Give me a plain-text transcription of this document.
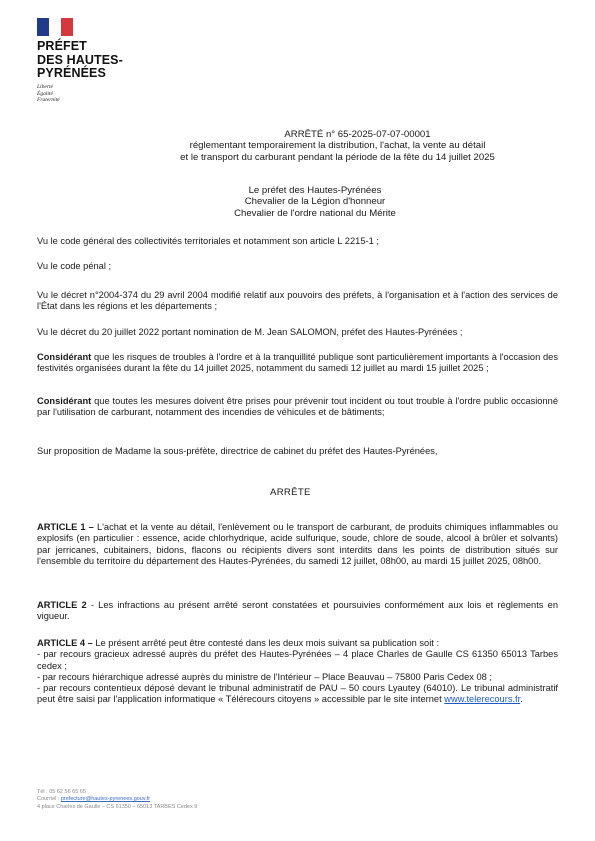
PRÉFET
DES HAUTES-
PYRÉNÉES
Liberté
Égalité
Fraternité
ARRÊTÉ n° 65-2025-07-07-00001
réglementant temporairement la distribution, l'achat, la vente au détail
et le transport du carburant pendant la période de la fête du 14 juillet 2025
Le préfet des Hautes-Pyrénées
Chevalier de la Légion d'honneur
Chevalier de l'ordre national du Mérite
Vu le code général des collectivités territoriales et notamment son article L 2215-1 ;
Vu le code pénal ;
Vu le décret n°2004-374 du 29 avril 2004 modifié relatif aux pouvoirs des préfets, à l'organisation et à l'action des services de l'État dans les régions et les départements ;
Vu le décret du 20 juillet 2022 portant nomination de M. Jean SALOMON, préfet des Hautes-Pyrénées ;
Considérant que les risques de troubles à l'ordre et à la tranquillité publique sont particulièrement importants à l'occasion des festivités organisées durant la fête du 14 juillet 2025, notamment du samedi 12 juillet au mardi 15 juillet 2025 ;
Considérant que toutes les mesures doivent être prises pour prévenir tout incident ou tout trouble à l'ordre public occasionné par l'utilisation de carburant, notamment des incendies de véhicules et de bâtiments;
Sur proposition de Madame la sous-préfète, directrice de cabinet du préfet des Hautes-Pyrénées,
ARRÊTE
ARTICLE 1 – L'achat et la vente au détail, l'enlèvement ou le transport de carburant, de produits chimiques inflammables ou explosifs (en particulier : essence, acide chlorhydrique, acide sulfurique, soude, chlore de soude, alcool à brûler et solvants) par jerricanes, cubitainers, bidons, flacons ou récipients divers sont interdits dans les points de distribution situés sur l'ensemble du territoire du département des Hautes-Pyrénées, du samedi 12 juillet, 08h00, au mardi 15 juillet 2025, 08h00.
ARTICLE 2 - Les infractions au présent arrêté seront constatées et poursuivies conformément aux lois et règlements en vigueur.
ARTICLE 4 – Le présent arrêté peut être contesté dans les deux mois suivant sa publication soit :
- par recours gracieux adressé auprès du préfet des Hautes-Pyrénées – 4 place Charles de Gaulle CS 61350 65013 Tarbes cedex ;
- par recours hiérarchique adressé auprès du ministre de l'Intérieur – Place Beauvau – 75800 Paris Cedex 08 ;
- par recours contentieux déposé devant le tribunal administratif de PAU – 50 cours Lyautey (64010). Le tribunal administratif peut être saisi par l'application informatique « Télérecours citoyens » accessible par le site internet www.telerecours.fr.
Tél : 05 62 56 65 65
Courriel : prefecture@hautes-pyrenees.gouv.fr
4 place Charles de Gaulle – CS 61350 – 65013 TARBES Cedex 9
